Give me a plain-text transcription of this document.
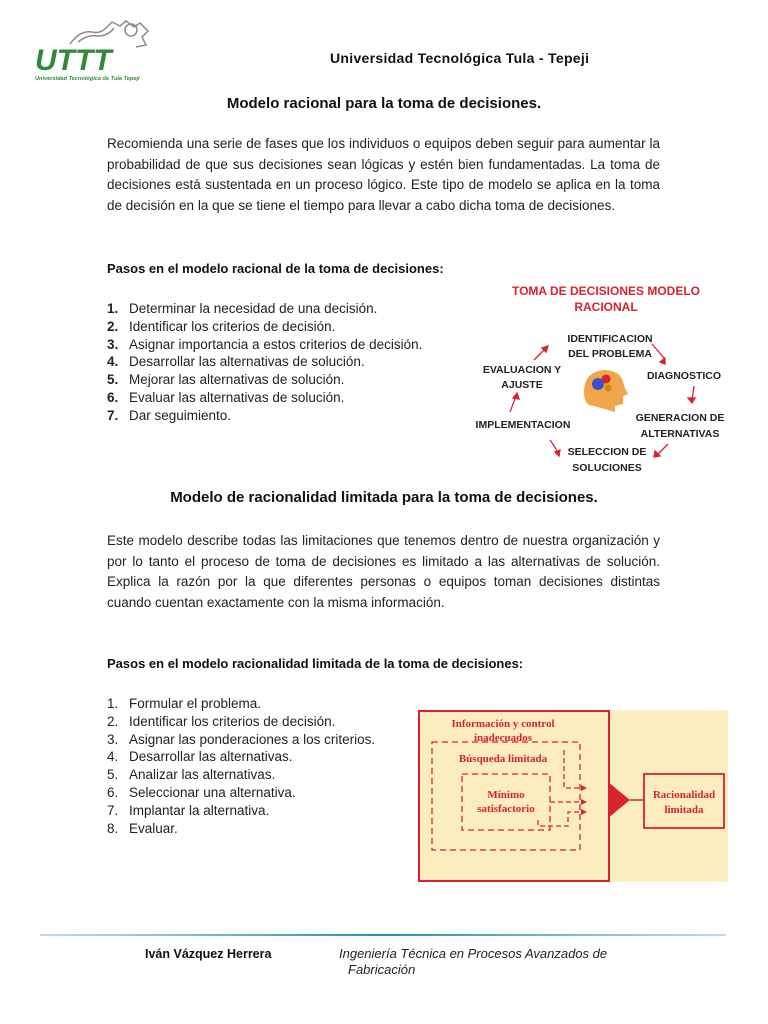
UTTT
Universidad Tecnológica de Tula Tepeji
Universidad Tecnológica Tula - Tepeji
Modelo racional para la toma de decisiones.

Recomienda una serie de fases que los individuos o equipos deben seguir para aumentar la probabilidad de que sus decisiones sean lógicas y estén bien fundamentadas. La toma de decisiones está sustentada en un proceso lógico. Este tipo de modelo se aplica en la toma de decisión en la que se tiene el tiempo para llevar a cabo dicha toma de decisiones.

Pasos en el modelo racional de la toma de decisiones:
1. Determinar la necesidad de una decisión.
2. Identificar los criterios de decisión.
3. Asignar importancia a estos criterios de decisión.
4. Desarrollar las alternativas de solución.
5. Mejorar las alternativas de solución.
6. Evaluar las alternativas de solución.
7. Dar seguimiento.
TOMA DE DECISIONES MODELO
RACIONAL
IDENTIFICACION
DEL PROBLEMA
DIAGNOSTICO
GENERACION DE
ALTERNATIVAS
SELECCION DE
SOLUCIONES
IMPLEMENTACION
EVALUACION Y
AJUSTE
Modelo de racionalidad limitada para la toma de decisiones.

Este modelo describe todas las limitaciones que tenemos dentro de nuestra organización y por lo tanto el proceso de toma de decisiones es limitado a las alternativas de solución. Explica la razón por la que diferentes personas o equipos toman decisiones distintas cuando cuentan exactamente con la misma información.

Pasos en el modelo racionalidad limitada de la toma de decisiones:
1. Formular el problema.
2. Identificar los criterios de decisión.
3. Asignar las ponderaciones a los criterios.
4. Desarrollar las alternativas.
5. Analizar las alternativas.
6. Seleccionar una alternativa.
7. Implantar la alternativa.
8. Evaluar.
Información y control
inadecuados
Búsqueda limitada
Mínimo
satisfactorio
Racionalidad
limitada
Iván Vázquez Herrera	Ingeniería Técnica en Procesos Avanzados de
Fabricación
